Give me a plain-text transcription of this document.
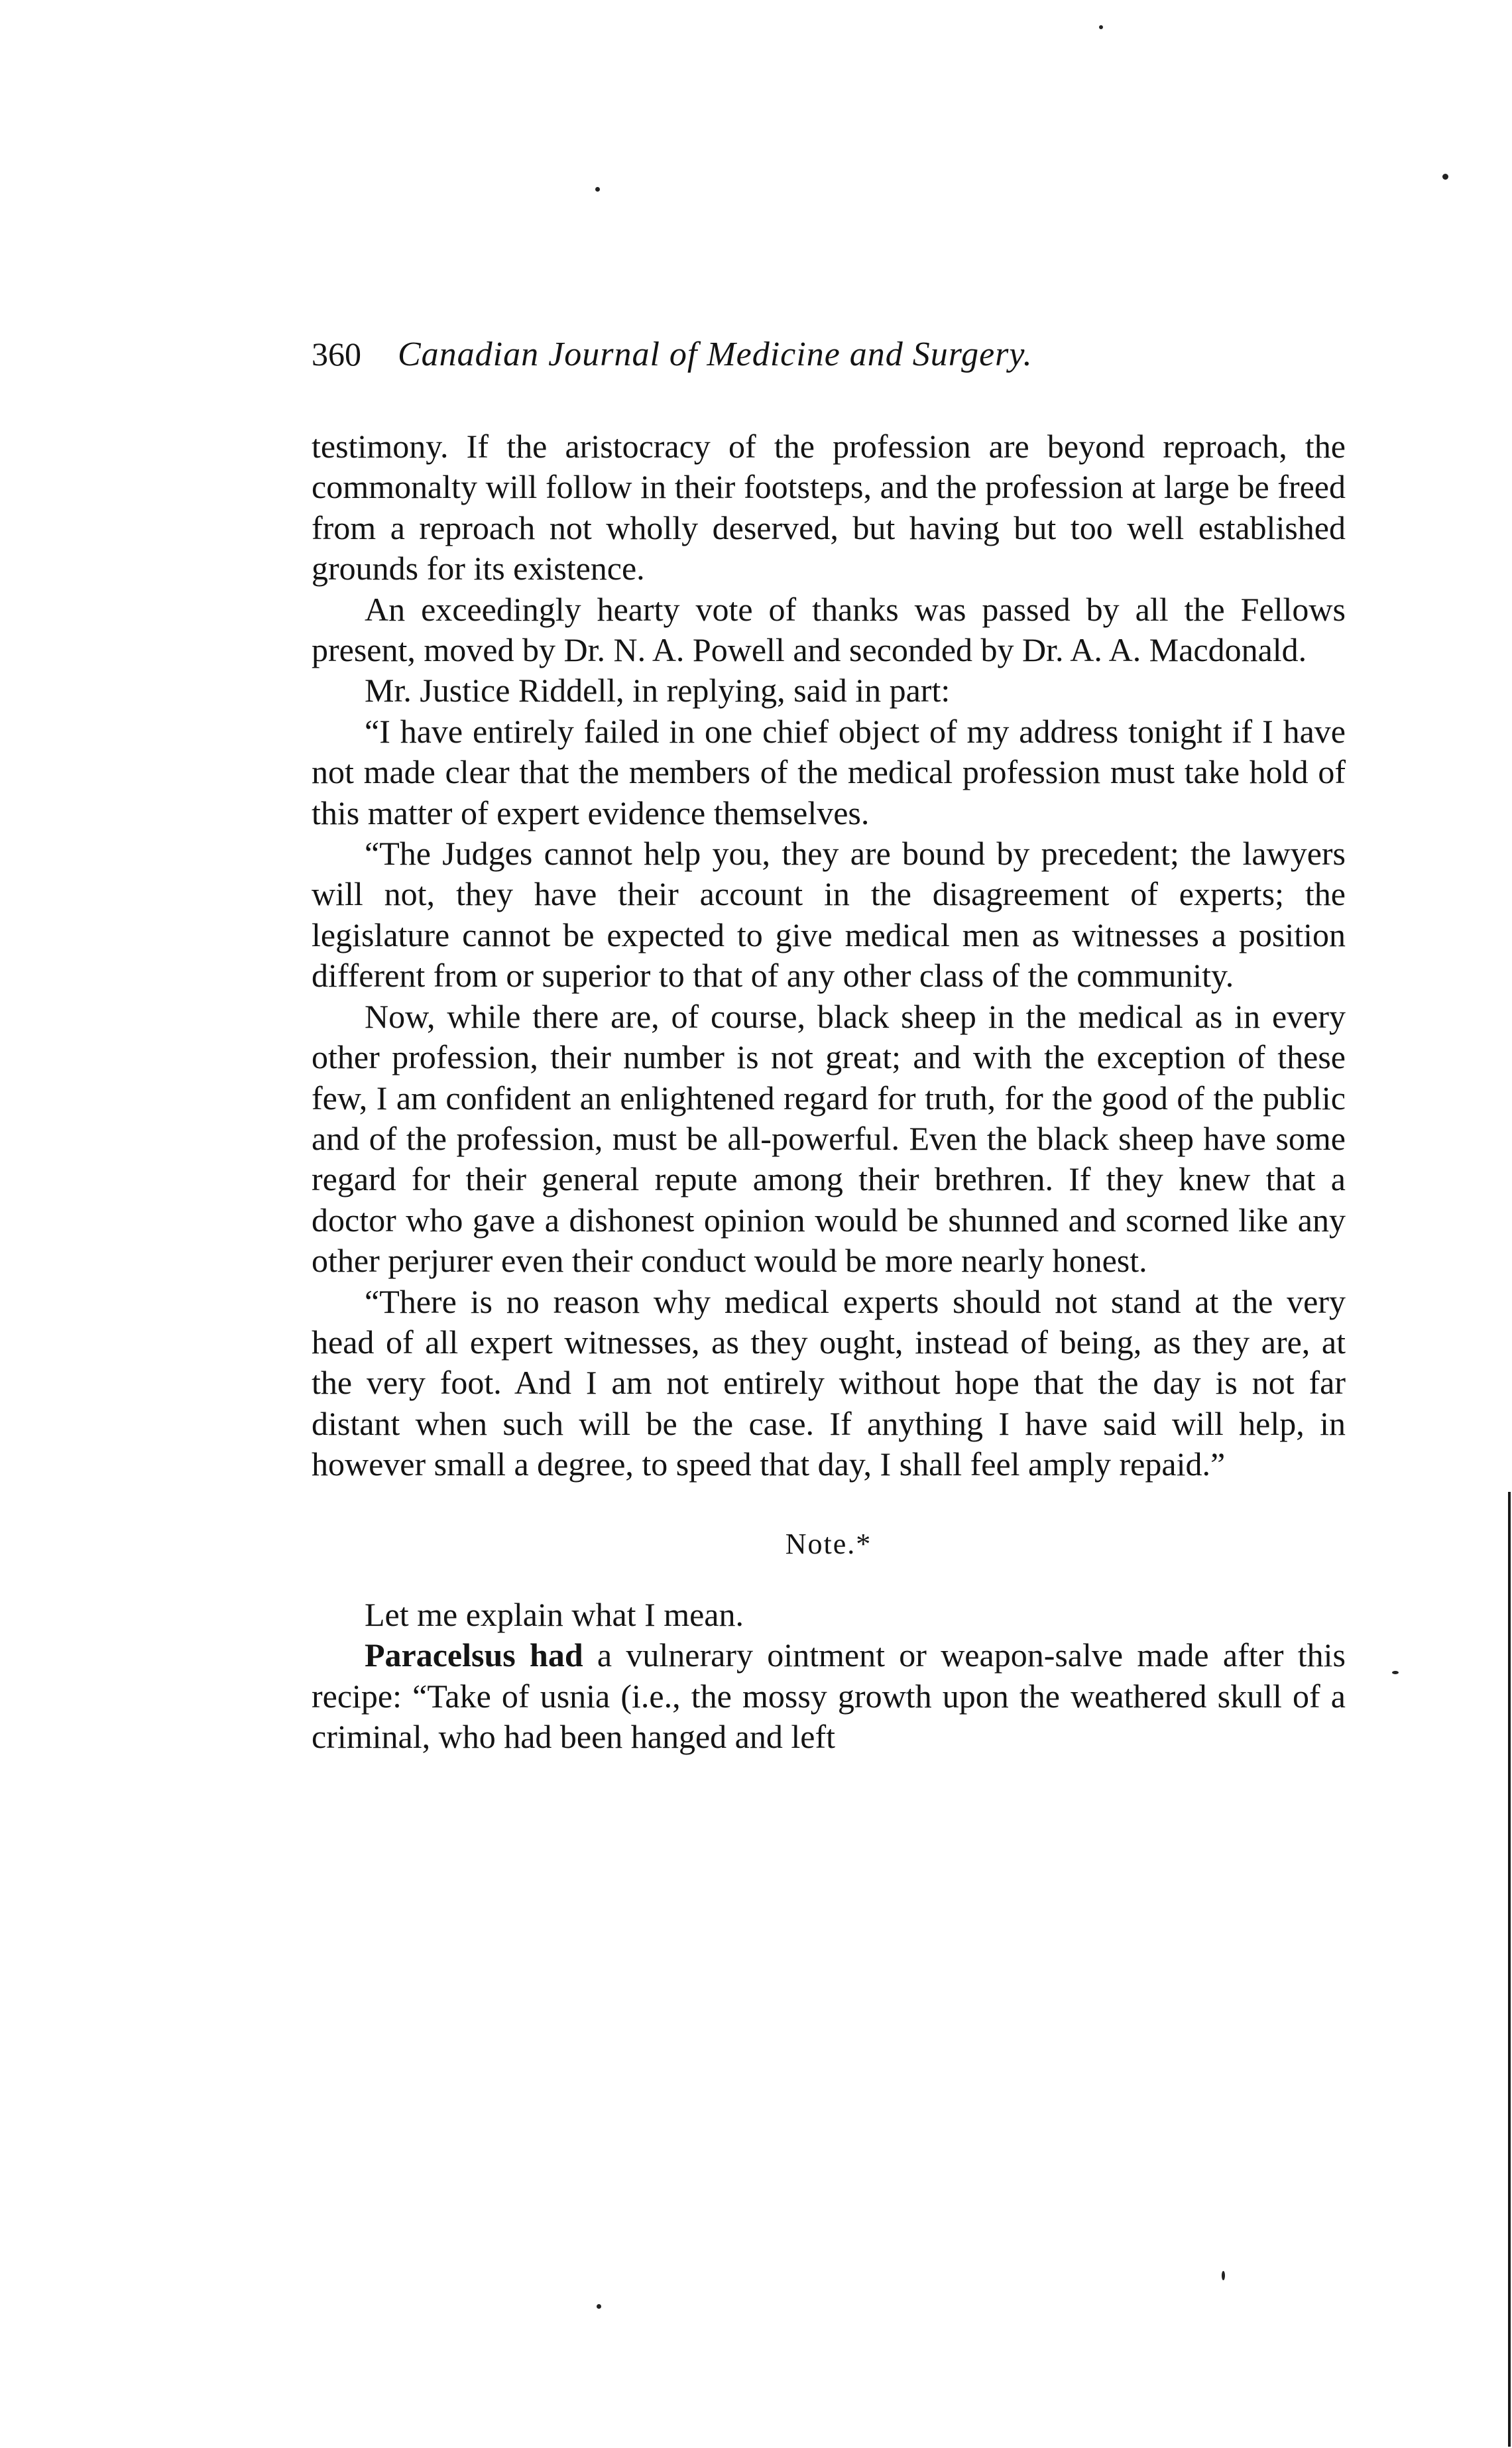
360	Canadian Journal of Medicine and Surgery.

testimony. If the aristocracy of the profession are beyond reproach, the commonalty will follow in their footsteps, and the profession at large be freed from a reproach not wholly deserved, but having but too well established grounds for its existence.

An exceedingly hearty vote of thanks was passed by all the Fellows present, moved by Dr. N. A. Powell and seconded by Dr. A. A. Macdonald.

Mr. Justice Riddell, in replying, said in part:

“I have entirely failed in one chief object of my address tonight if I have not made clear that the members of the medical profession must take hold of this matter of expert evidence themselves.

“The Judges cannot help you, they are bound by precedent; the lawyers will not, they have their account in the disagreement of experts; the legislature cannot be expected to give medical men as witnesses a position different from or superior to that of any other class of the community.

Now, while there are, of course, black sheep in the medical as in every other profession, their number is not great; and with the exception of these few, I am confident an enlightened regard for truth, for the good of the public and of the profession, must be all-powerful. Even the black sheep have some regard for their general repute among their brethren. If they knew that a doctor who gave a dishonest opinion would be shunned and scorned like any other perjurer even their conduct would be more nearly honest.

“There is no reason why medical experts should not stand at the very head of all expert witnesses, as they ought, instead of being, as they are, at the very foot. And I am not entirely without hope that the day is not far distant when such will be the case. If anything I have said will help, in however small a degree, to speed that day, I shall feel amply repaid.”

Note.*

Let me explain what I mean.

Paracelsus had a vulnerary ointment or weapon-salve made after this recipe: “Take of usnia (i.e., the mossy growth upon the weathered skull of a criminal, who had been hanged and left
